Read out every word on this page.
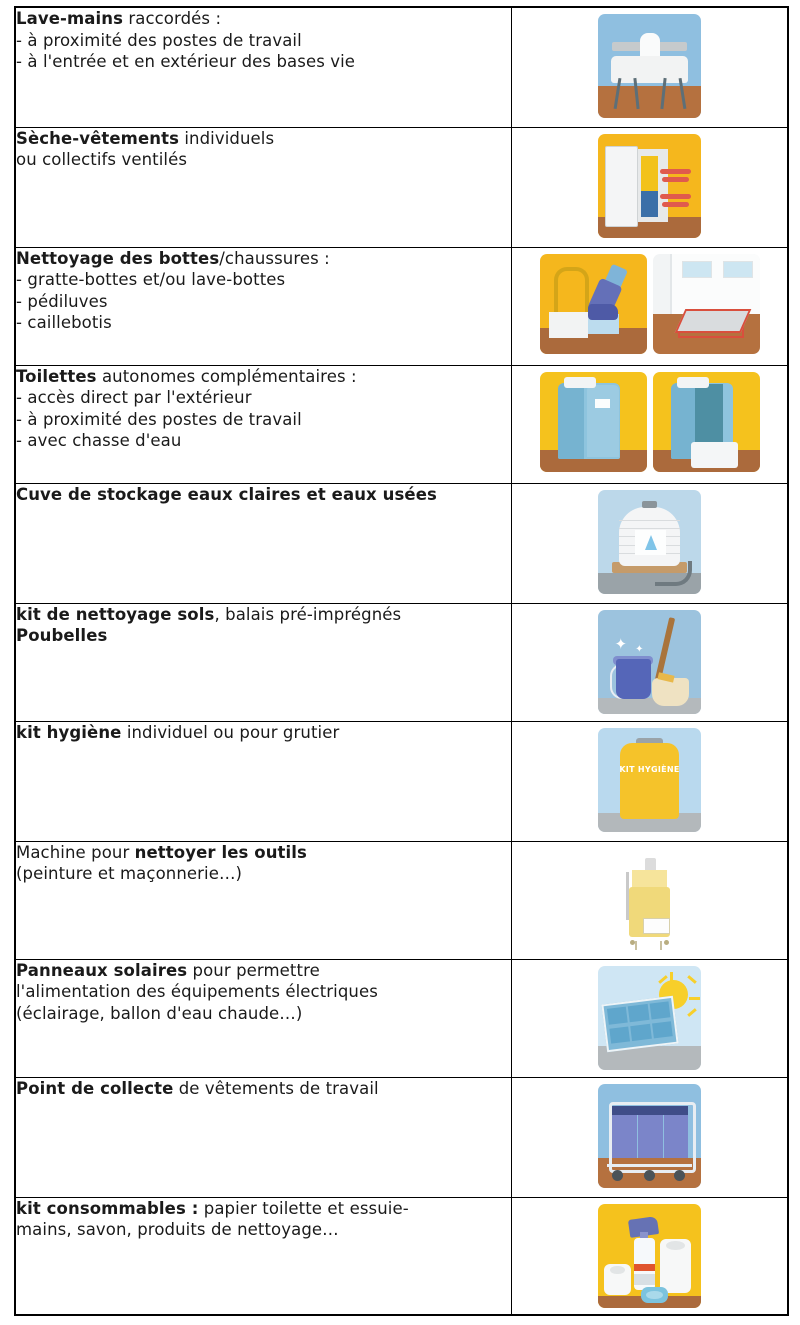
Lave-mains raccordés :
- à proximité des postes de travail
- à l'entrée et en extérieur des bases vie	

Sèche-vêtements individuels
ou collectifs ventilés	

Nettoyage des bottes/chaussures :
- gratte-bottes et/ou lave-bottes
- pédiluves
- caillebotis	

Toilettes autonomes complémentaires :
- accès direct par l'extérieur
- à proximité des postes de travail
- avec chasse d'eau	

Cuve de stockage eaux claires et eaux usées	

kit de nettoyage sols, balais pré-imprégnés
Poubelles	✦ ✦

kit hygiène individuel ou pour grutier	KIT HYGIÈNE

Machine pour nettoyer les outils
(peinture et maçonnerie…)	

Panneaux solaires pour permettre
l'alimentation des équipements électriques
(éclairage, ballon d'eau chaude…)	

Point de collecte de vêtements de travail	

kit consommables : papier toilette et essuie-
mains, savon, produits de nettoyage…	
